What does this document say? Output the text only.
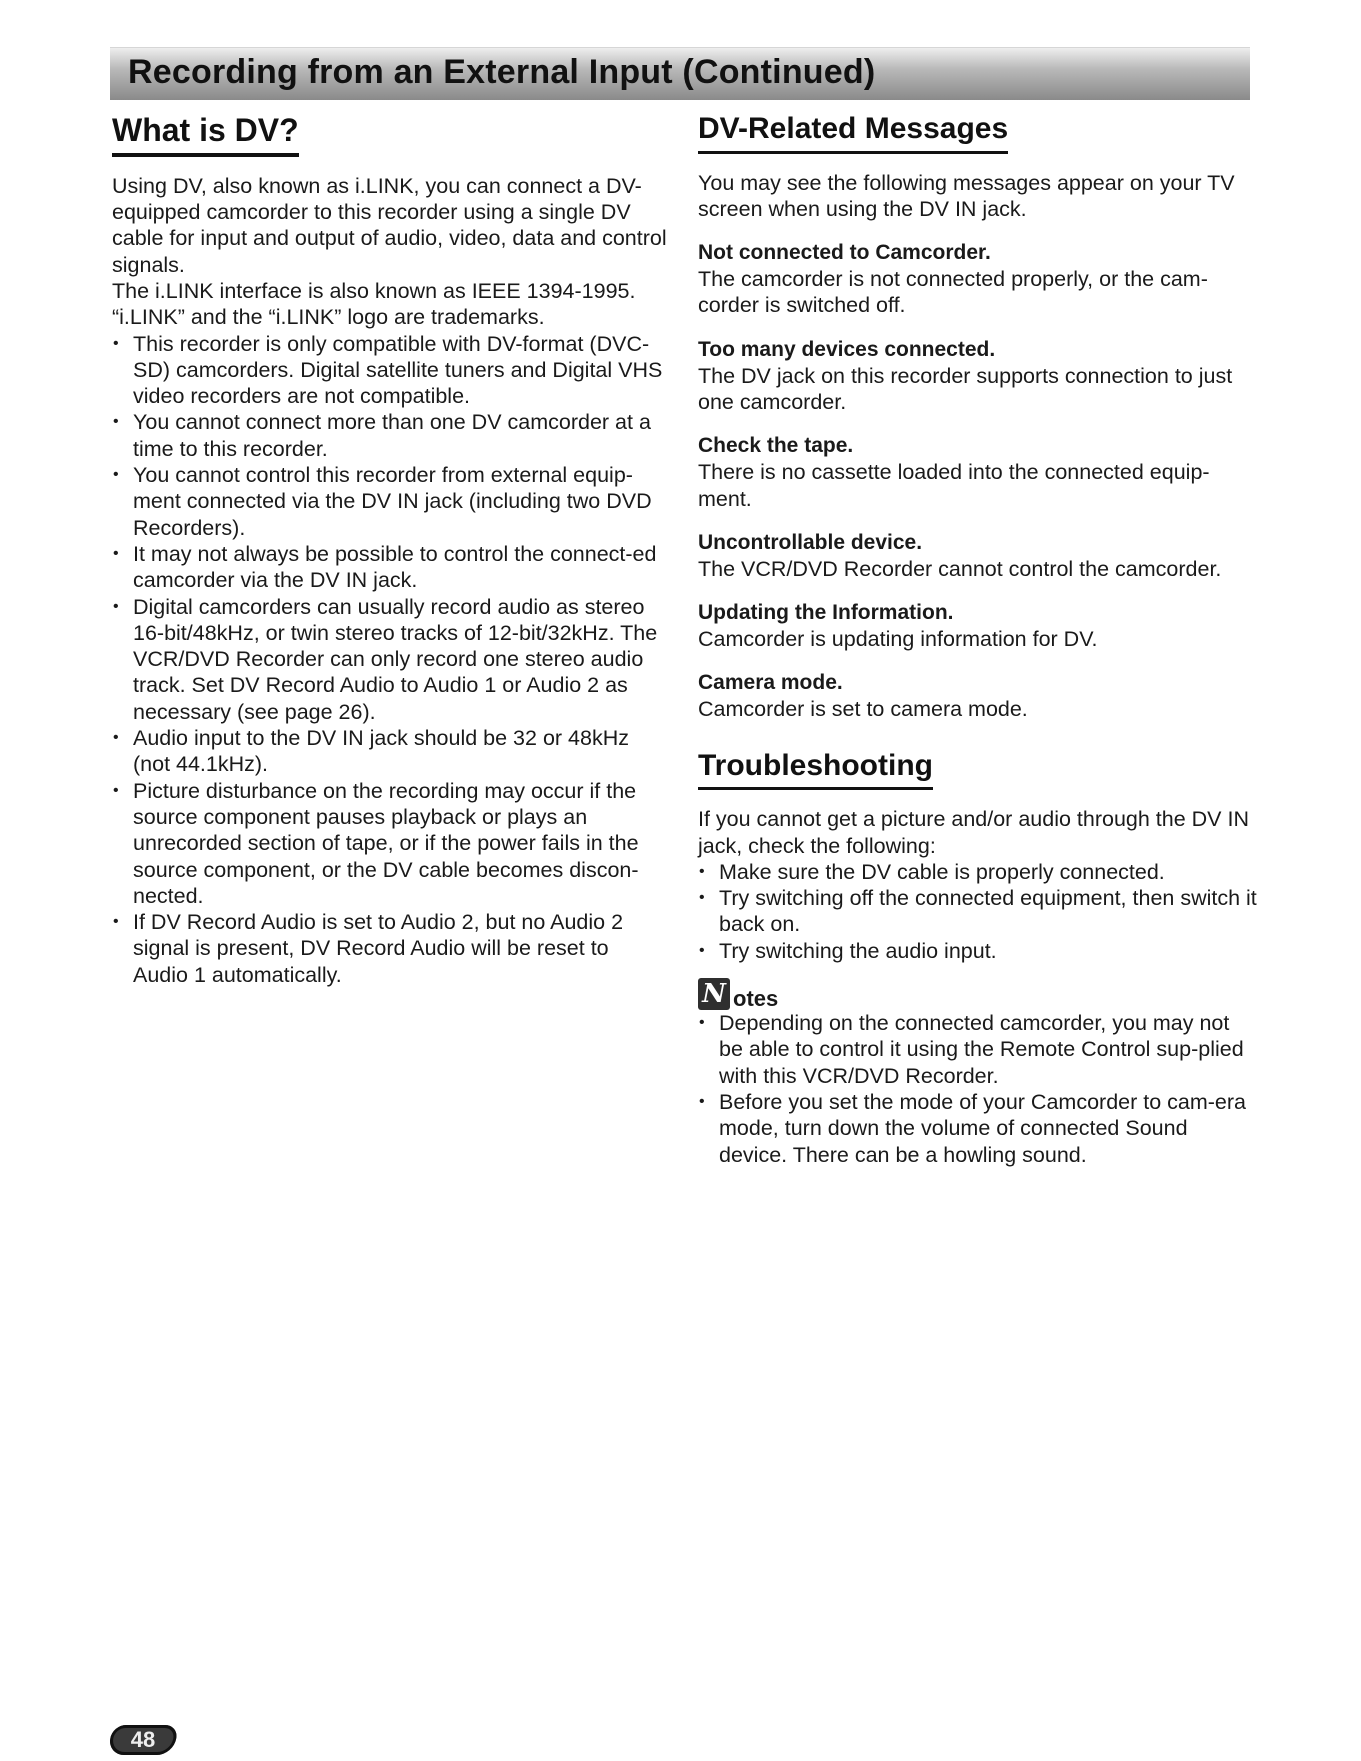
Recording from an External Input (Continued)
What is DV?

Using DV, also known as i.LINK, you can connect a DV-equipped camcorder to this recorder using a single DV cable for input and output of audio, video, data and control signals.

The i.LINK interface is also known as IEEE 1394-1995. “i.LINK” and the “i.LINK” logo are trademarks.

• This recorder is only compatible with DV-format (DVC-SD) camcorders. Digital satellite tuners and Digital VHS video recorders are not compatible.
• You cannot connect more than one DV camcorder at a time to this recorder.
• You cannot control this recorder from external equip-ment connected via the DV IN jack (including two DVD Recorders).
• It may not always be possible to control the connect-ed camcorder via the DV IN jack.
• Digital camcorders can usually record audio as stereo 16-bit/48kHz, or twin stereo tracks of 12-bit/32kHz. The VCR/DVD Recorder can only record one stereo audio track. Set DV Record Audio to Audio 1 or Audio 2 as necessary (see page 26).
• Audio input to the DV IN jack should be 32 or 48kHz (not 44.1kHz).
• Picture disturbance on the recording may occur if the source component pauses playback or plays an unrecorded section of tape, or if the power fails in the source component, or the DV cable becomes discon-nected.
• If DV Record Audio is set to Audio 2, but no Audio 2 signal is present, DV Record Audio will be reset to Audio 1 automatically.
DV-Related Messages

You may see the following messages appear on your TV screen when using the DV IN jack.

Not connected to Camcorder.
The camcorder is not connected properly, or the cam-corder is switched off.
Too many devices connected.
The DV jack on this recorder supports connection to just one camcorder.
Check the tape.
There is no cassette loaded into the connected equip-ment.
Uncontrollable device.
The VCR/DVD Recorder cannot control the camcorder.
Updating the Information.
Camcorder is updating information for DV.
Camera mode.
Camcorder is set to camera mode.
Troubleshooting

If you cannot get a picture and/or audio through the DV IN jack, check the following:

• Make sure the DV cable is properly connected.
• Try switching off the connected equipment, then switch it back on.
• Try switching the audio input.
N otes
• Depending on the connected camcorder, you may not be able to control it using the Remote Control sup-plied with this VCR/DVD Recorder.
• Before you set the mode of your Camcorder to cam-era mode, turn down the volume of connected Sound device. There can be a howling sound.
48
